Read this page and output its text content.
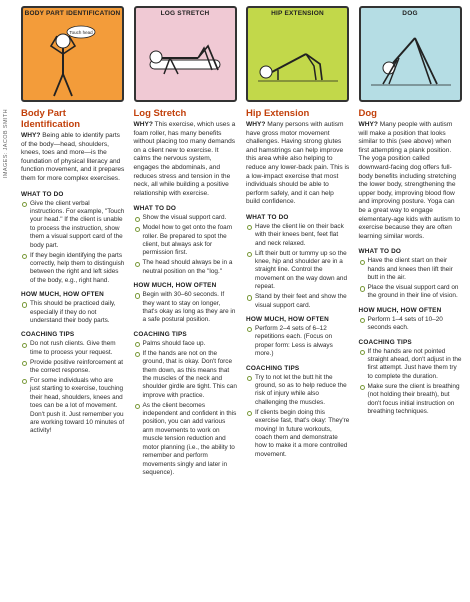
IMAGES: JACOB SMITH
BODY PART IDENTIFICATION
Touch head
Body Part Identification

WHY? Being able to identify parts of the body—head, shoulders, knees, toes and more—is the foundation of physical literacy and function movement, and it prepares them for more complex exercises.

WHAT TO DO
Give the client verbal instructions. For example, "Touch your head." If the client is unable to process the instruction, show them a visual support card of the body part.
If they begin identifying the parts correctly, help them to distinguish between the right and left sides of the body, e.g., right hand.
HOW MUCH, HOW OFTEN
This should be practiced daily, especially if they do not understand their body parts.
COACHING TIPS
Do not rush clients. Give them time to process your request.
Provide positive reinforcement at the correct response.
For some individuals who are just starting to exercise, touching their head, shoulders, knees and toes can be a lot of movement. Don't push it. Just remember you are working toward 10 minutes of activity!
LOG STRETCH
Log Stretch

WHY? This exercise, which uses a foam roller, has many benefits without placing too many demands on a client new to exercise. It calms the nervous system, engages the abdominals, and reduces stress and tension in the neck, all while building a positive relationship with exercise.

WHAT TO DO
Show the visual support card.
Model how to get onto the foam roller. Be prepared to spot the client, but always ask for permission first.
The head should always be in a neutral position on the "log."
HOW MUCH, HOW OFTEN
Begin with 30–60 seconds. If they want to stay on longer, that's okay as long as they are in a safe postural position.
COACHING TIPS
Palms should face up.
If the hands are not on the ground, that is okay. Don't force them down, as this means that the muscles of the neck and shoulder girdle are tight. This can improve with practice.
As the client becomes independent and confident in this position, you can add various arm movements to work on muscle tension reduction and motor planning (i.e., the ability to remember and perform movements singly and later in sequence).
HIP EXTENSION
Hip Extension

WHY? Many persons with autism have gross motor movement challenges. Having strong glutes and hamstrings can help improve this area while also helping to reduce any lower-back pain. This is a low-impact exercise that most individuals should be able to perform safely, and it can help build confidence.

WHAT TO DO
Have the client lie on their back with their knees bent, feet flat and neck relaxed.
Lift their butt or tummy up so the knee, hip and shoulder are in a straight line. Control the movement on the way down and repeat.
Stand by their feet and show the visual support card.
HOW MUCH, HOW OFTEN
Perform 2–4 sets of 6–12 repetitions each. (Focus on proper form: Less is always more.)
COACHING TIPS
Try to not let the butt hit the ground, so as to help reduce the risk of injury while also challenging the muscles.
If clients begin doing this exercise fast, that's okay: They're moving! In future workouts, coach them and demonstrate how to make it a more controlled movement.
DOG
Dog

WHY? Many people with autism will make a position that looks similar to this (see above) when first attempting a plank position. The yoga position called downward-facing dog offers full-body benefits including stretching the lower body, strengthening the upper body, improving blood flow and improving posture. Yoga can be a great way to engage elementary-age kids with autism to exercise because they are often learning similar words.

WHAT TO DO
Have the client start on their hands and knees then lift their butt in the air.
Place the visual support card on the ground in their line of vision.
HOW MUCH, HOW OFTEN
Perform 1–4 sets of 10–20 seconds each.
COACHING TIPS
If the hands are not pointed straight ahead, don't adjust in the first attempt. Just have them try to complete the duration.
Make sure the client is breathing (not holding their breath), but don't focus initial instruction on breathing techniques.
